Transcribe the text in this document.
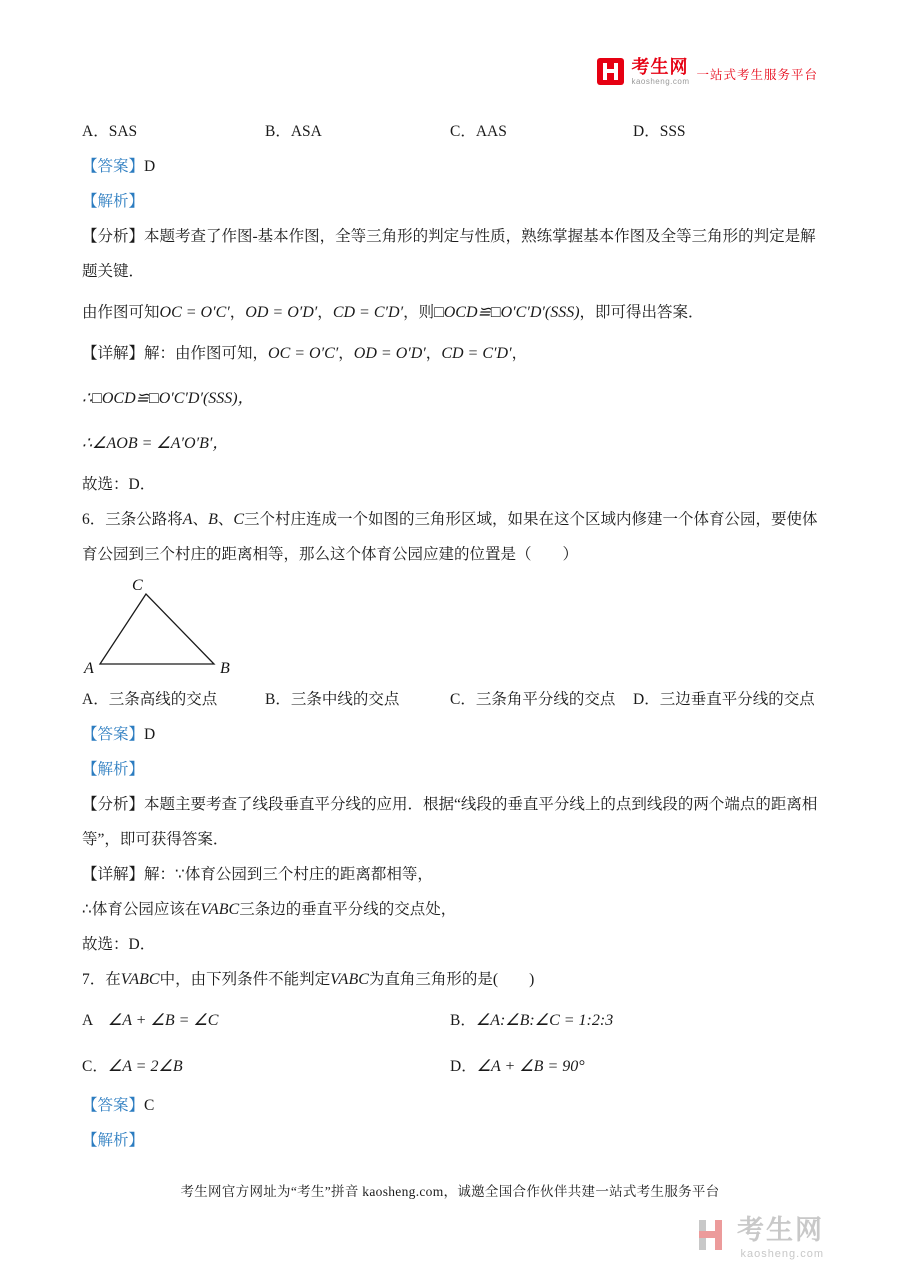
考生网
kaosheng.com 一站式考生服务平台
A．SAS	B．ASA	C．AAS	D．SSS
【答案】D
【解析】
【分析】本题考查了作图-基本作图，全等三角形的判定与性质，熟练掌握基本作图及全等三角形的判定是解题关键．
由作图可知OC = O′C′，OD = O′D′，CD = C′D′，则□OCD≌□O′C′D′(SSS)，即可得出答案．
【详解】解：由作图可知，OC = O′C′，OD = O′D′，CD = C′D′，
∴□OCD≌□O′C′D′(SSS)，
∴∠AOB = ∠A′O′B′，
故选：D．
6．三条公路将A、B、C三个村庄连成一个如图的三角形区域，如果在这个区域内修建一个体育公园，要使体育公园到三个村庄的距离相等，那么这个体育公园应建的位置是（　　）
C
A	B
A．三条高线的交点	B．三条中线的交点	C．三条角平分线的交点	D．三边垂直平分线的交点
【答案】D
【解析】
【分析】本题主要考查了线段垂直平分线的应用．根据“线段的垂直平分线上的点到线段的两个端点的距离相等”，即可获得答案．
【详解】解：∵体育公园到三个村庄的距离都相等，
∴体育公园应该在VABC三条边的垂直平分线的交点处，
故选：D．
7．在VABC中，由下列条件不能判定VABC为直角三角形的是(　　)
A　∠A + ∠B = ∠C	B．∠A:∠B:∠C = 1:2:3
C．∠A = 2∠B	D．∠A + ∠B = 90°
【答案】C
【解析】
考生网官方网址为“考生”拼音 kaosheng.com，诚邀全国合作伙伴共建一站式考生服务平台
考生网
kaosheng.com
